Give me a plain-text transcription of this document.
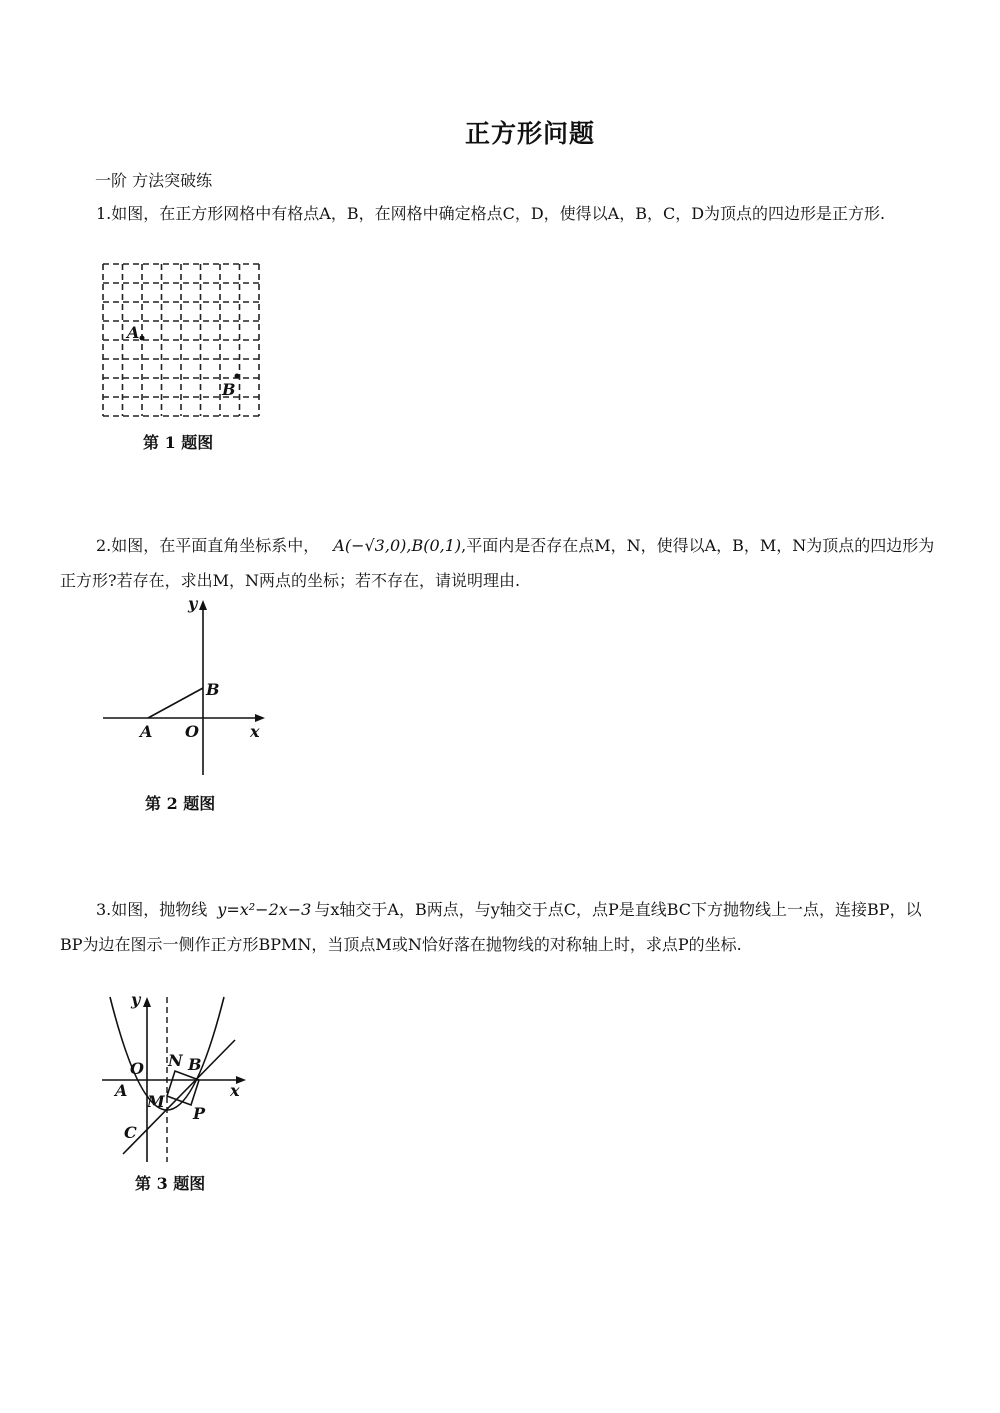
正方形问题
一阶 方法突破练
1.如图，在正方形网格中有格点A，B，在网格中确定格点C，D，使得以A，B，C，D为顶点的四边形是正方形.
A
B
第 1 题图
2.如图，在平面直角坐标系中， A(−√3,0),B(0,1),平面内是否存在点M，N，使得以A，B，M，N为顶点的四边形为正方形?若存在，求出M，N两点的坐标；若不存在，请说明理由.
y
B
A O	x
第 2 题图
3.如图，抛物线 y=x²−2x−3 与x轴交于A，B两点，与y轴交于点C，点P是直线BC下方抛物线上一点，连接BP，以BP为边在图示一侧作正方形BPMN，当顶点M或N恰好落在抛物线的对称轴上时，求点P的坐标.
y
N B
O
A	x
M
P
C
第 3 题图
